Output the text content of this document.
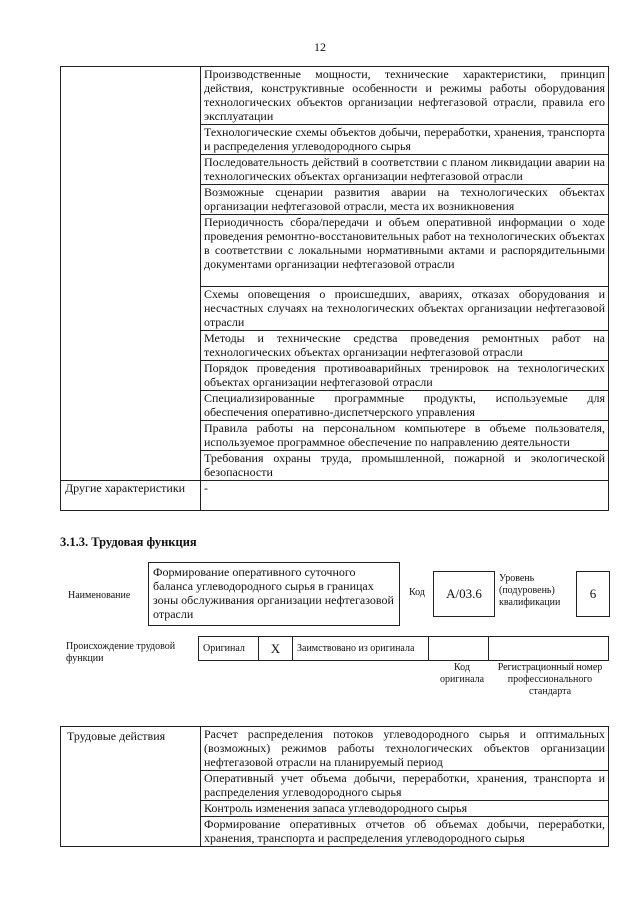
12
	Производственные мощности, технические характеристики, принцип действия, конструктивные особенности и режимы работы оборудования технологических объектов организации нефтегазовой отрасли, правила его эксплуатации
	Технологические схемы объектов добычи, переработки, хранения, транспорта и распределения углеводородного сырья
	Последовательность действий в соответствии с планом ликвидации аварии на технологических объектах организации нефтегазовой отрасли
	Возможные сценарии развития аварии на технологических объектах организации нефтегазовой отрасли, места их возникновения
	Периодичность сбора/передачи и объем оперативной информации о ходе проведения ремонтно-восстановительных работ на технологических объектах в соответствии с локальными нормативными актами и распорядительными документами организации нефтегазовой отрасли
	Схемы оповещения о происшедших, авариях, отказах оборудования и несчастных случаях на технологических объектах организации нефтегазовой отрасли
	Методы и технические средства проведения ремонтных работ на технологических объектах организации нефтегазовой отрасли
	Порядок проведения противоаварийных тренировок на технологических объектах организации нефтегазовой отрасли
	Специализированные программные продукты, используемые для обеспечения оперативно-диспетчерского управления
	Правила работы на персональном компьютере в объеме пользователя, используемое программное обеспечение по направлению деятельности
	Требования охраны труда, промышленной, пожарной и экологической безопасности
Другие характеристики	-
3.1.3. Трудовая функция
Наименование
Формирование оперативного суточного баланса углеводородного сырья в границах зоны обслуживания организации нефтегазовой отрасли
Код	А/03.6
Уровень (подуровень) квалификации
6
Происхождение трудовой функции
Оригинал	X	Заимствовано из оригинала		
Код оригинала
Регистрационный номер профессионального стандарта
Трудовые действия	Расчет распределения потоков углеводородного сырья и оптимальных (возможных) режимов работы технологических объектов организации нефтегазовой отрасли на планируемый период
Оперативный учет объема добычи, переработки, хранения, транспорта и распределения углеводородного сырья
Контроль изменения запаса углеводородного сырья
Формирование оперативных отчетов об объемах добычи, переработки, хранения, транспорта и распределения углеводородного сырья
